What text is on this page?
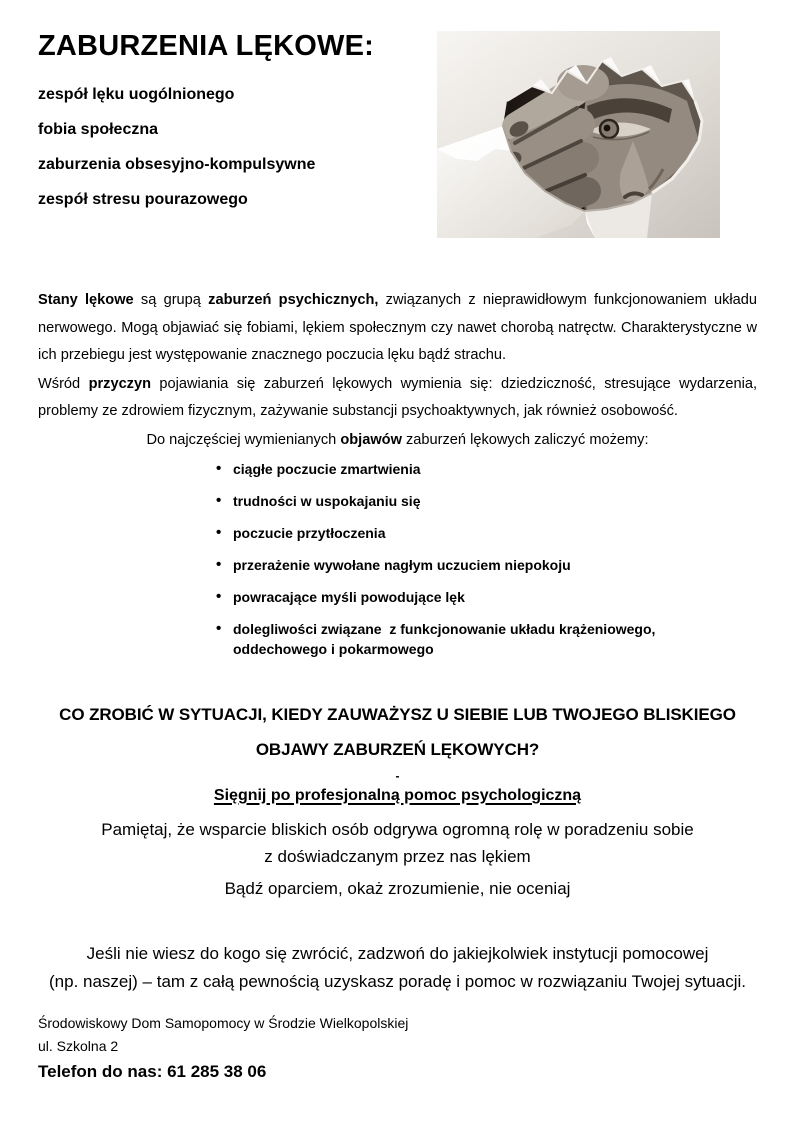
ZABURZENIA LĘKOWE:
zespół lęku uogólnionego
fobia społeczna
zaburzenia obsesyjno-kompulsywne
zespół stresu pourazowego

Stany lękowe są grupą zaburzeń psychicznych, związanych z nieprawidłowym funkcjonowaniem układu nerwowego. Mogą objawiać się fobiami, lękiem społecznym czy nawet chorobą natręctw. Charakterystyczne w ich przebiegu jest występowanie znacznego poczucia lęku bądź strachu.

Wśród przyczyn pojawiania się zaburzeń lękowych wymienia się: dziedziczność, stresujące wydarzenia, problemy ze zdrowiem fizycznym, zażywanie substancji psychoaktywnych, jak również osobowość.

Do najczęściej wymienianych objawów zaburzeń lękowych zaliczyć możemy:

• ciągłe poczucie zmartwienia
• trudności w uspokajaniu się
• poczucie przytłoczenia
• przerażenie wywołane nagłym uczuciem niepokoju
• powracające myśli powodujące lęk
• dolegliwości związane  z funkcjonowanie układu krążeniowego, oddechowego i pokarmowego

CO ZROBIĆ W SYTUACJI, KIEDY ZAUWAŻYSZ U SIEBIE LUB TWOJEGO BLISKIEGO

OBJAWY ZABURZEŃ LĘKOWYCH?

-

Sięgnij po profesjonalną pomoc psychologiczną

Pamiętaj, że wsparcie bliskich osób odgrywa ogromną rolę w poradzeniu sobie

z doświadczanym przez nas lękiem

Bądź oparciem, okaż zrozumienie, nie oceniaj

Jeśli nie wiesz do kogo się zwrócić, zadzwoń do jakiejkolwiek instytucji pomocowej

(np. naszej) – tam z całą pewnością uzyskasz poradę i pomoc w rozwiązaniu Twojej sytuacji.

Środowiskowy Dom Samopomocy w Środzie Wielkopolskiej

ul. Szkolna 2

Telefon do nas: 61 285 38 06
